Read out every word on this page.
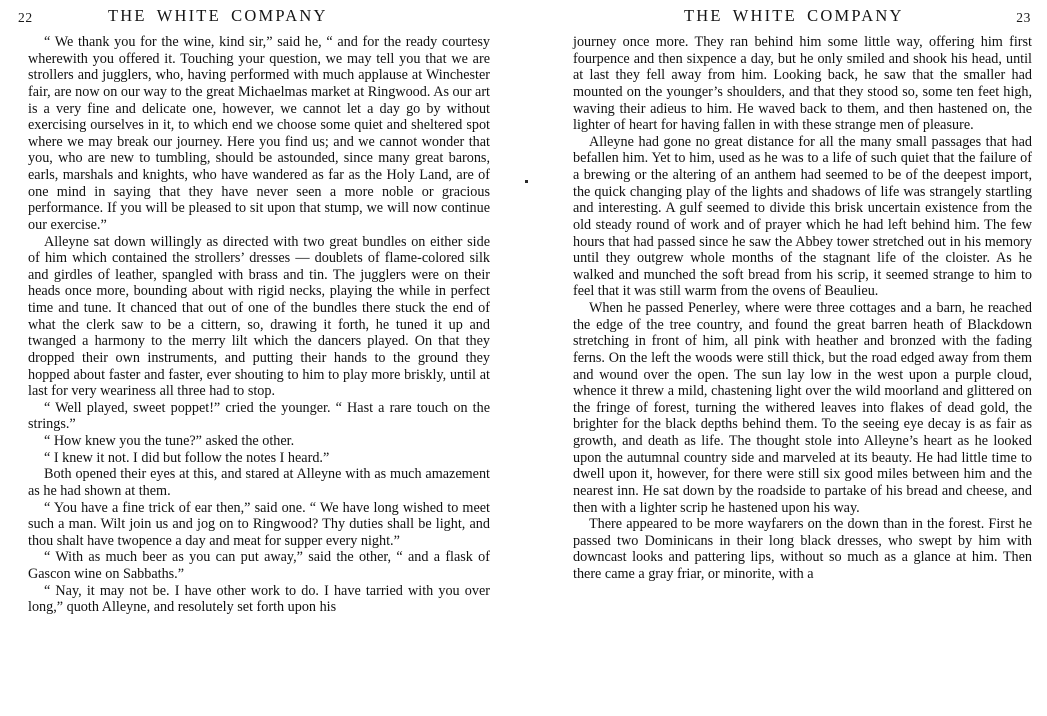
22	THE WHITE COMPANY

“ We thank you for the wine, kind sir,” said he, “ and for the ready courtesy wherewith you offered it. Touching your question, we may tell you that we are strollers and jugglers, who, having performed with much applause at Winchester fair, are now on our way to the great Michaelmas market at Ringwood. As our art is a very fine and delicate one, however, we cannot let a day go by without exercising ourselves in it, to which end we choose some quiet and sheltered spot where we may break our journey. Here you find us; and we cannot wonder that you, who are new to tumbling, should be astounded, since many great barons, earls, marshals and knights, who have wandered as far as the Holy Land, are of one mind in saying that they have never seen a more noble or gracious performance. If you will be pleased to sit upon that stump, we will now continue our exercise.”

Alleyne sat down willingly as directed with two great bundles on either side of him which contained the strollers’ dresses — doublets of flame-colored silk and girdles of leather, spangled with brass and tin. The jugglers were on their heads once more, bounding about with rigid necks, playing the while in perfect time and tune. It chanced that out of one of the bundles there stuck the end of what the clerk saw to be a cittern, so, drawing it forth, he tuned it up and twanged a harmony to the merry lilt which the dancers played. On that they dropped their own instruments, and putting their hands to the ground they hopped about faster and faster, ever shouting to him to play more briskly, until at last for very weariness all three had to stop.

“ Well played, sweet poppet!” cried the younger. “ Hast a rare touch on the strings.”

“ How knew you the tune?” asked the other.

“ I knew it not. I did but follow the notes I heard.”

Both opened their eyes at this, and stared at Alleyne with as much amazement as he had shown at them.

“ You have a fine trick of ear then,” said one. “ We have long wished to meet such a man. Wilt join us and jog on to Ringwood? Thy duties shall be light, and thou shalt have twopence a day and meat for supper every night.”

“ With as much beer as you can put away,” said the other, “ and a flask of Gascon wine on Sabbaths.”

“ Nay, it may not be. I have other work to do. I have tarried with you over long,” quoth Alleyne, and resolutely set forth upon his

THE WHITE COMPANY	23

journey once more. They ran behind him some little way, offering him first fourpence and then sixpence a day, but he only smiled and shook his head, until at last they fell away from him. Looking back, he saw that the smaller had mounted on the younger’s shoulders, and that they stood so, some ten feet high, waving their adieus to him. He waved back to them, and then hastened on, the lighter of heart for having fallen in with these strange men of pleasure.

Alleyne had gone no great distance for all the many small passages that had befallen him. Yet to him, used as he was to a life of such quiet that the failure of a brewing or the altering of an anthem had seemed to be of the deepest import, the quick changing play of the lights and shadows of life was strangely startling and interesting. A gulf seemed to divide this brisk uncertain existence from the old steady round of work and of prayer which he had left behind him. The few hours that had passed since he saw the Abbey tower stretched out in his memory until they outgrew whole months of the stagnant life of the cloister. As he walked and munched the soft bread from his scrip, it seemed strange to him to feel that it was still warm from the ovens of Beaulieu.

When he passed Penerley, where were three cottages and a barn, he reached the edge of the tree country, and found the great barren heath of Blackdown stretching in front of him, all pink with heather and bronzed with the fading ferns. On the left the woods were still thick, but the road edged away from them and wound over the open. The sun lay low in the west upon a purple cloud, whence it threw a mild, chastening light over the wild moorland and glittered on the fringe of forest, turning the withered leaves into flakes of dead gold, the brighter for the black depths behind them. To the seeing eye decay is as fair as growth, and death as life. The thought stole into Alleyne’s heart as he looked upon the autumnal country side and marveled at its beauty. He had little time to dwell upon it, however, for there were still six good miles between him and the nearest inn. He sat down by the roadside to partake of his bread and cheese, and then with a lighter scrip he hastened upon his way.

There appeared to be more wayfarers on the down than in the forest. First he passed two Dominicans in their long black dresses, who swept by him with downcast looks and pattering lips, without so much as a glance at him. Then there came a gray friar, or minorite, with a
